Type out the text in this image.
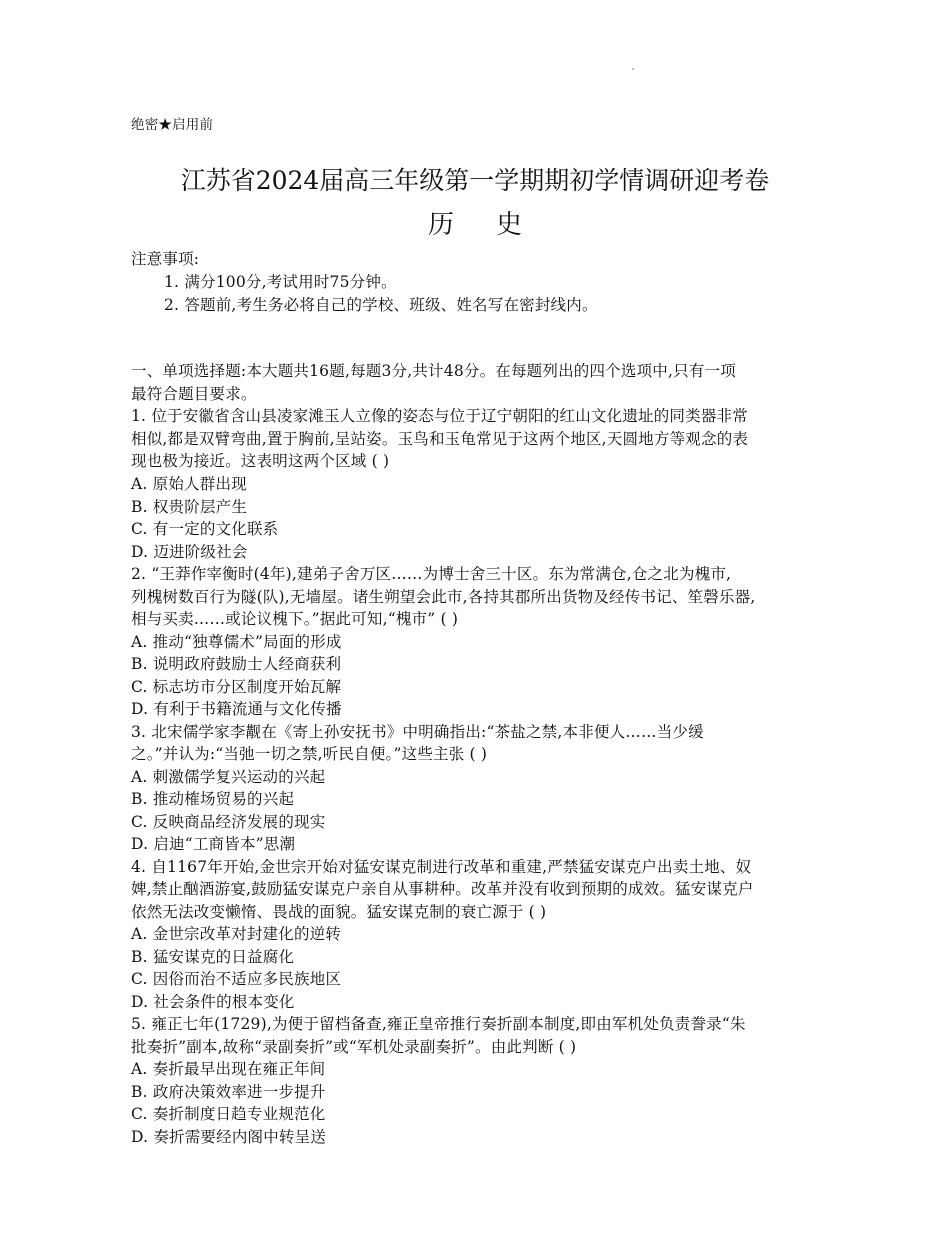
绝密★启用前
江苏省2024届高三年级第一学期期初学情调研迎考卷
历史
注意事项:
1. 满分100分,考试用时75分钟。
2. 答题前,考生务必将自己的学校、班级、姓名写在密封线内。
一、单项选择题:本大题共16题,每题3分,共计48分。在每题列出的四个选项中,只有一项
最符合题目要求。
1. 位于安徽省含山县凌家滩玉人立像的姿态与位于辽宁朝阳的红山文化遗址的同类器非常
相似,都是双臂弯曲,置于胸前,呈站姿。玉鸟和玉龟常见于这两个地区,天圆地方等观念的表
现也极为接近。这表明这两个区域 ( )
A. 原始人群出现
B. 权贵阶层产生
C. 有一定的文化联系
D. 迈进阶级社会
2. “王莽作宰衡时(4年),建弟子舍万区……为博士舍三十区。东为常满仓,仓之北为槐市,
列槐树数百行为隧(队),无墙屋。诸生朔望会此市,各持其郡所出货物及经传书记、笙磬乐器,
相与买卖……或论议槐下。”据此可知,“槐市” ( )
A. 推动“独尊儒术”局面的形成
B. 说明政府鼓励士人经商获利
C. 标志坊市分区制度开始瓦解
D. 有利于书籍流通与文化传播
3. 北宋儒学家李觏在《寄上孙安抚书》中明确指出:“茶盐之禁,本非便人……当少缓
之。”并认为:“当弛一切之禁,听民自便。”这些主张 ( )
A. 刺激儒学复兴运动的兴起
B. 推动榷场贸易的兴起
C. 反映商品经济发展的现实
D. 启迪“工商皆本”思潮
4. 自1167年开始,金世宗开始对猛安谋克制进行改革和重建,严禁猛安谋克户出卖土地、奴
婢,禁止酗酒游宴,鼓励猛安谋克户亲自从事耕种。改革并没有收到预期的成效。猛安谋克户
依然无法改变懒惰、畏战的面貌。猛安谋克制的衰亡源于 ( )
A. 金世宗改革对封建化的逆转
B. 猛安谋克的日益腐化
C. 因俗而治不适应多民族地区
D. 社会条件的根本变化
5. 雍正七年(1729),为便于留档备查,雍正皇帝推行奏折副本制度,即由军机处负责誊录“朱
批奏折”副本,故称“录副奏折”或“军机处录副奏折”。由此判断 ( )
A. 奏折最早出现在雍正年间
B. 政府决策效率进一步提升
C. 奏折制度日趋专业规范化
D. 奏折需要经内阁中转呈送
